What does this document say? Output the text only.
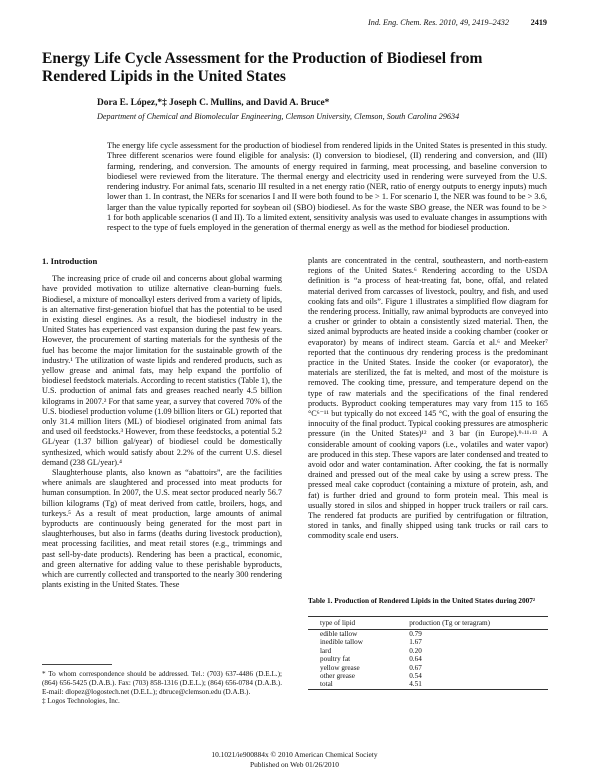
Ind. Eng. Chem. Res. 2010, 49, 2419–2432	2419
Energy Life Cycle Assessment for the Production of Biodiesel from Rendered Lipids in the United States
Dora E. López,*‡ Joseph C. Mullins, and David A. Bruce*
Department of Chemical and Biomolecular Engineering, Clemson University, Clemson, South Carolina 29634
The energy life cycle assessment for the production of biodiesel from rendered lipids in the United States is presented in this study. Three different scenarios were found eligible for analysis: (I) conversion to biodiesel, (II) rendering and conversion, and (III) farming, rendering, and conversion. The amounts of energy required in farming, meat processing, and baseline conversion to biodiesel were reviewed from the literature. The thermal energy and electricity used in rendering were surveyed from the U.S. rendering industry. For animal fats, scenario III resulted in a net energy ratio (NER, ratio of energy outputs to energy inputs) much lower than 1. In contrast, the NERs for scenarios I and II were both found to be > 1. For scenario I, the NER was found to be > 3.6, larger than the value typically reported for soybean oil (SBO) biodiesel. As for the waste SBO grease, the NER was found to be > 1 for both applicable scenarios (I and II). To a limited extent, sensitivity analysis was used to evaluate changes in assumptions with respect to the type of fuels employed in the generation of thermal energy as well as the method for biodiesel production.
1. Introduction

The increasing price of crude oil and concerns about global warming have provided motivation to utilize alternative clean-burning fuels. Biodiesel, a mixture of monoalkyl esters derived from a variety of lipids, is an alternative first-generation biofuel that has the potential to be used in existing diesel engines. As a result, the biodiesel industry in the United States has experienced vast expansion during the past few years. However, the procurement of starting materials for the synthesis of the fuel has become the major limitation for the sustainable growth of the industry.¹ The utilization of waste lipids and rendered products, such as yellow grease and animal fats, may help expand the portfolio of biodiesel feedstock materials. According to recent statistics (Table 1), the U.S. production of animal fats and greases reached nearly 4.5 billion kilograms in 2007.² For that same year, a survey that covered 70% of the U.S. biodiesel production volume (1.09 billion liters or GL) reported that only 31.4 million liters (ML) of biodiesel originated from animal fats and used oil feedstocks.³ However, from these feedstocks, a potential 5.2 GL/year (1.37 billion gal/year) of biodiesel could be domestically synthesized, which would satisfy about 2.2% of the current U.S. diesel demand (238 GL/year).⁴

Slaughterhouse plants, also known as “abattoirs”, are the facilities where animals are slaughtered and processed into meat products for human consumption. In 2007, the U.S. meat sector produced nearly 56.7 billion kilograms (Tg) of meat derived from cattle, broilers, hogs, and turkeys.⁵ As a result of meat production, large amounts of animal byproducts are continuously being generated for the most part in slaughterhouses, but also in farms (deaths during livestock production), meat processing facilities, and meat retail stores (e.g., trimmings and past sell-by-date products). Rendering has been a practical, economic, and green alternative for adding value to these perishable byproducts, which are currently collected and transported to the nearly 300 rendering plants existing in the United States. These

plants are concentrated in the central, southeastern, and north-eastern regions of the United States.⁶ Rendering according to the USDA definition is “a process of heat-treating fat, bone, offal, and related material derived from carcasses of livestock, poultry, and fish, and used cooking fats and oils”. Figure 1 illustrates a simplified flow diagram for the rendering process. Initially, raw animal byproducts are conveyed into a crusher or grinder to obtain a consistently sized material. Then, the sized animal byproducts are heated inside a cooking chamber (cooker or evaporator) by means of indirect steam. García et al.⁶ and Meeker⁷ reported that the continuous dry rendering process is the predominant practice in the United States. Inside the cooker (or evaporator), the materials are sterilized, the fat is melted, and most of the moisture is removed. The cooking time, pressure, and temperature depend on the type of raw materials and the specifications of the final rendered products. Byproduct cooking temperatures may vary from 115 to 165 °C⁶⁻¹¹ but typically do not exceed 145 °C, with the goal of ensuring the innocuity of the final product. Typical cooking pressures are atmospheric pressure (in the United States)¹² and 3 bar (in Europe).⁹⋅¹¹⋅¹³ A considerable amount of cooking vapors (i.e., volatiles and water vapor) are produced in this step. These vapors are later condensed and treated to avoid odor and water contamination. After cooking, the fat is normally drained and pressed out of the meal cake by using a screw press. The pressed meal cake coproduct (containing a mixture of protein, ash, and fat) is further dried and ground to form protein meal. This meal is usually stored in silos and shipped in hopper truck trailers or rail cars. The rendered fat products are purified by centrifugation or filtration, stored in tanks, and finally shipped using tank trucks or rail cars to commodity scale end users.

* To whom correspondence should be addressed. Tel.: (703) 637-4486 (D.E.L.); (864) 656-5425 (D.A.B.). Fax: (703) 858-1316 (D.E.L.); (864) 656-0784 (D.A.B.). E-mail: dlopez@logostech.net (D.E.L.); dbruce@clemson.edu (D.A.B.).
‡ Logos Technologies, Inc.
Table 1. Production of Rendered Lipids in the United States during 2007²
type of lipid	production (Tg or teragram)
edible tallow	0.79
inedible tallow	1.67
lard	0.20
poultry fat	0.64
yellow grease	0.67
other grease	0.54
total	4.51
10.1021/ie900884x © 2010 American Chemical Society
Published on Web 01/26/2010
